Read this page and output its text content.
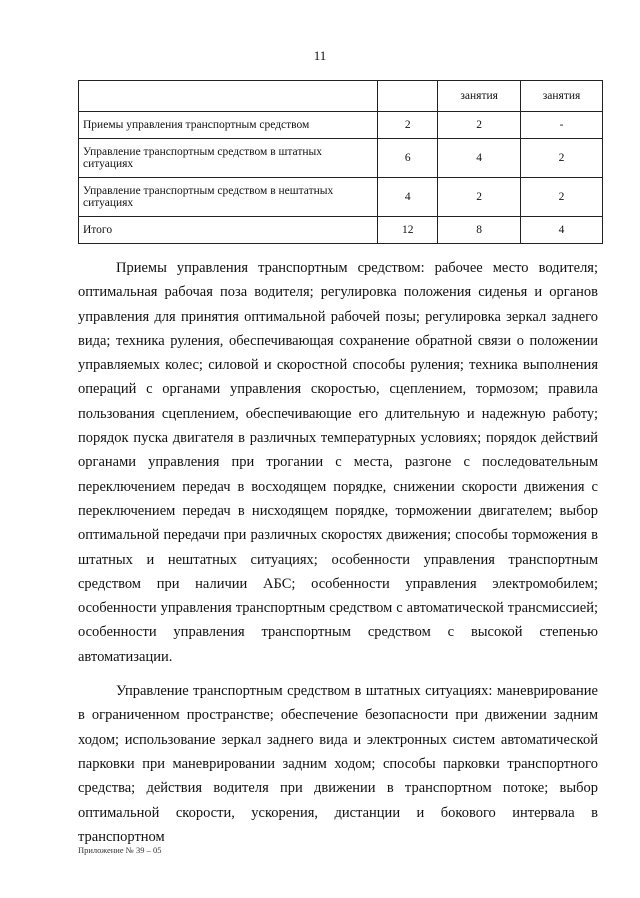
11
		занятия	занятия
Приемы управления транспортным средством	2	2	-
Управление транспортным средством в штатных ситуациях	6	4	2
Управление транспортным средством в нештатных ситуациях	4	2	2
Итого	12	8	4

Приемы управления транспортным средством: рабочее место водителя; оптимальная рабочая поза водителя; регулировка положения сиденья и органов управления для принятия оптимальной рабочей позы; регулировка зеркал заднего вида; техника руления, обеспечивающая сохранение обратной связи о положении управляемых колес; силовой и скоростной способы руления; техника выполнения операций с органами управления скоростью, сцеплением, тормозом; правила пользования сцеплением, обеспечивающие его длительную и надежную работу; порядок пуска двигателя в различных температурных условиях; порядок действий органами управления при трогании с места, разгоне с последовательным переключением передач в восходящем порядке, снижении скорости движения с переключением передач в нисходящем порядке, торможении двигателем; выбор оптимальной передачи при различных скоростях движения; способы торможения в штатных и нештатных ситуациях; особенности управления транспортным средством при наличии АБС; особенности управления электромобилем; особенности управления транспортным средством с автоматической трансмиссией; особенности управления транспортным средством с высокой степенью автоматизации.

Управление транспортным средством в штатных ситуациях: маневрирование в ограниченном пространстве; обеспечение безопасности при движении задним ходом; использование зеркал заднего вида и электронных систем автоматической парковки при маневрировании задним ходом; способы парковки транспортного средства; действия водителя при движении в транспортном потоке; выбор оптимальной скорости, ускорения, дистанции и бокового интервала в транспортном

Приложение № 39 – 05
